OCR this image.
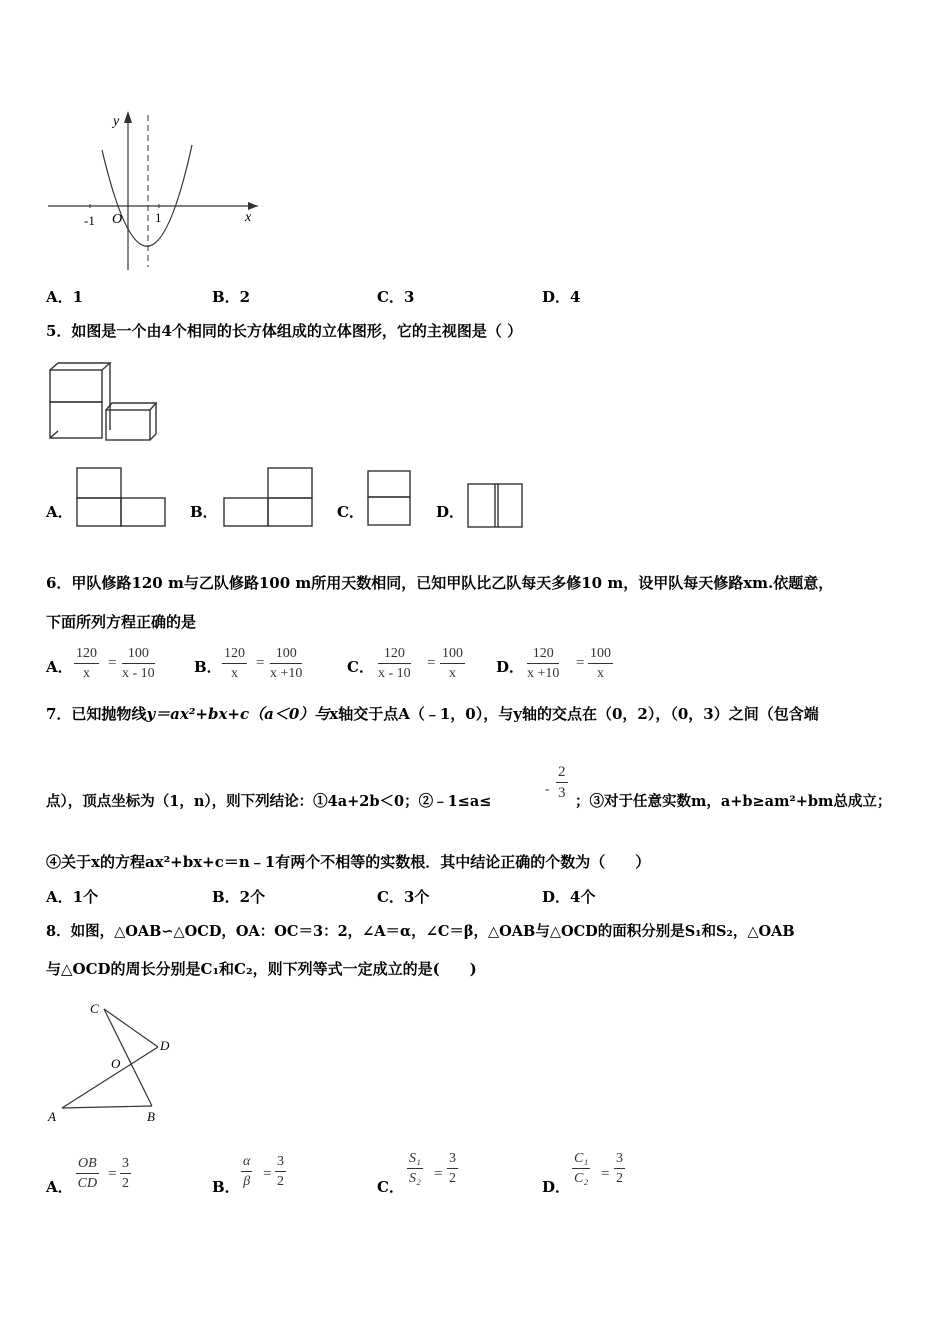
y
x
O
-1	1
A．1	B．2	C．3	D．4
5．如图是一个由4个相同的长方体组成的立体图形，它的主视图是（ ）
A．	B．	C．	D．
6．甲队修路120 m与乙队修路100 m所用天数相同，已知甲队比乙队每天多修10 m，设甲队每天修路xm.依题意，
下面所列方程正确的是
A． $\frac{120}{x} = \frac{100}{x - 10}$	B． $\frac{120}{x} = \frac{100}{x +10}$	C． $\frac{120}{x - 10} = \frac{100}{x}$ D． $\frac{120}{x +10} = \frac{100}{x}$
7．已知抛物线y＝ax²+bx+c（a＜0）与x轴交于点A（﹣1，0），与y轴的交点在（0，2），（0，3）之间（包含端
点），顶点坐标为（1，n），则下列结论：①4a+2b＜0；②﹣1≤a≤
- $\frac{2}{3}$ ；③对于任意实数m，a+b≥am²+bm总成立；
④关于x的方程ax²+bx+c＝n﹣1有两个不相等的实数根．其中结论正确的个数为（　　）
A．1个	B．2个	C．3个	D．4个
8．如图，△OAB∽△OCD，OA：OC＝3：2，∠A＝α，∠C＝β，△OAB与△OCD的面积分别是S₁和S₂，△OAB
与△OCD的周长分别是C₁和C₂，则下列等式一定成立的是(　　)
C
D
O
A	B
A． $\frac{OB}{CD} = \frac{3}{2}$	B． $\frac{\alpha}{\beta} = \frac{3}{2}$	C． $\frac{\text{S₁}}{\text{S₂}} = \frac{3}{2}$	D． $\frac{\text{C₁}}{\text{C₂}} = \frac{3}{2}$
